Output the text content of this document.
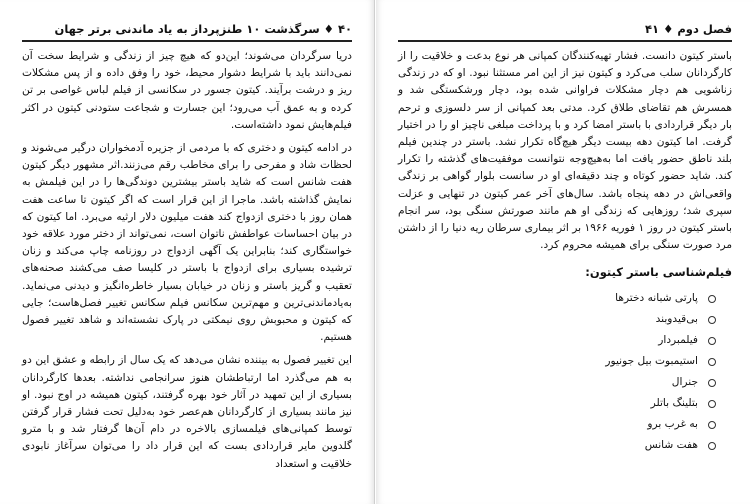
۴۰ ♦ سرگذشت ۱۰ طنزپرداز به یاد ماندنی برتر جهان

دریا سرگردان می‌شوند؛ این‌دو که هیچ چیز از زندگی و شرایط سخت آن نمی‌دانند باید با شرایط دشوار محیط، خود را وفق داده و از پس مشکلات ریز و درشت برآیند. کیتون جسور در سکانسی از فیلم لباس غواصی بر تن کرده و به عمق آب می‌رود؛ این جسارت و شجاعت ستودنی کیتون در اکثر فیلم‌هایش نمود داشته‌است.

در ادامه کیتون و دختری که با مردمی از جزیره آدمخواران درگیر می‌شوند و لحظات شاد و مفرحی را برای مخاطب رقم می‌زنند.اثر مشهور دیگر کیتون هفت شانس است که شاید باستر بیشترین دوندگی‌ها را در این فیلمش به نمایش گذاشته باشد. ماجرا از این قرار است که اگر کیتون تا ساعت هفت همان روز با دختری ازدواج کند هفت میلیون دلار ارثیه می‌برد. اما کیتون که در بیان احساسات عواطفش ناتوان است، نمی‌تواند از دختر مورد علاقه خود خواستگاری کند؛ بنابراین یک آگهی ازدواج در روزنامه چاپ می‌کند و زنان ترشیده بسیاری برای ازدواج با باستر در کلیسا صف می‌کشند صحنه‌های تعقیب و گریز باستر و زنان در خیابان بسیار خاطره‌انگیز و دیدنی می‌نماید. به‌یادماندنی‌ترین و مهم‌ترین سکانس فیلم سکانس تغییر فصل‌هاست؛ جایی که کیتون و محبوبش روی نیمکتی در پارک نشسته‌اند و شاهد تغییر فصول هستیم.

این تغییر فصول به بیننده نشان می‌دهد که یک سال از رابطه و عشق این دو به هم می‌گذرد اما ارتباطشان هنوز سرانجامی نداشته. بعدها کارگردانان بسیاری از این تمهید در آثار خود بهره گرفتند، کیتون همیشه در اوج نبود. او نیز مانند بسیاری از کارگردانان هم‌عصر خود به‌دلیل تحت فشار قرار گرفتن توسط کمپانی‌های فیلمسازی بالاخره در دام آن‌ها گرفتار شد و با مترو گلدوین مایر قراردادی بست که این قرار داد را می‌توان سرآغاز نابودی خلاقیت و استعداد

فصل دوم ♦ ۴۱

باستر کیتون دانست. فشار تهیه‌کنندگان کمپانی هر نوع بدعت و خلاقیت را از کارگردانان سلب می‌کرد و کیتون نیز از این امر مستثنا نبود. او که در زندگی زناشویی هم دچار مشکلات فراوانی شده بود، دچار ورشکستگی شد و همسرش هم تقاضای طلاق کرد. مدتی بعد کمپانی از سر دلسوزی و ترحم بار دیگر قراردادی با باستر امضا کرد و با پرداخت مبلغی ناچیز او را در اختیار گرفت. اما کیتون دهه بیست دیگر هیچ‌گاه تکرار نشد. باستر در چندین فیلم بلند ناطق حضور یافت اما به‌هیچ‌وجه نتوانست موفقیت‌های گذشته را تکرار کند. شاید حضور کوتاه و چند دقیقه‌ای او در سانست بلوار گواهی بر زندگی واقعی‌اش در دهه پنجاه باشد. سال‌های آخر عمر کیتون در تنهایی و عزلت سپری شد؛ روزهایی که زندگی او هم مانند صورتش سنگی بود، سر انجام باستر کیتون در روز ۱ فوریه ۱۹۶۶ بر اثر بیماری سرطان ریه دنیا را از داشتن مرد صورت سنگی برای همیشه محروم کرد.

فیلم‌شناسی باستر کیتون:
پارتی شبانه دخترها
بی‌قیدوبند
فیلمبردار
استیمبوت بیل جونیور
جنرال
بتلینگ باتلر
به غرب برو
هفت شانس
